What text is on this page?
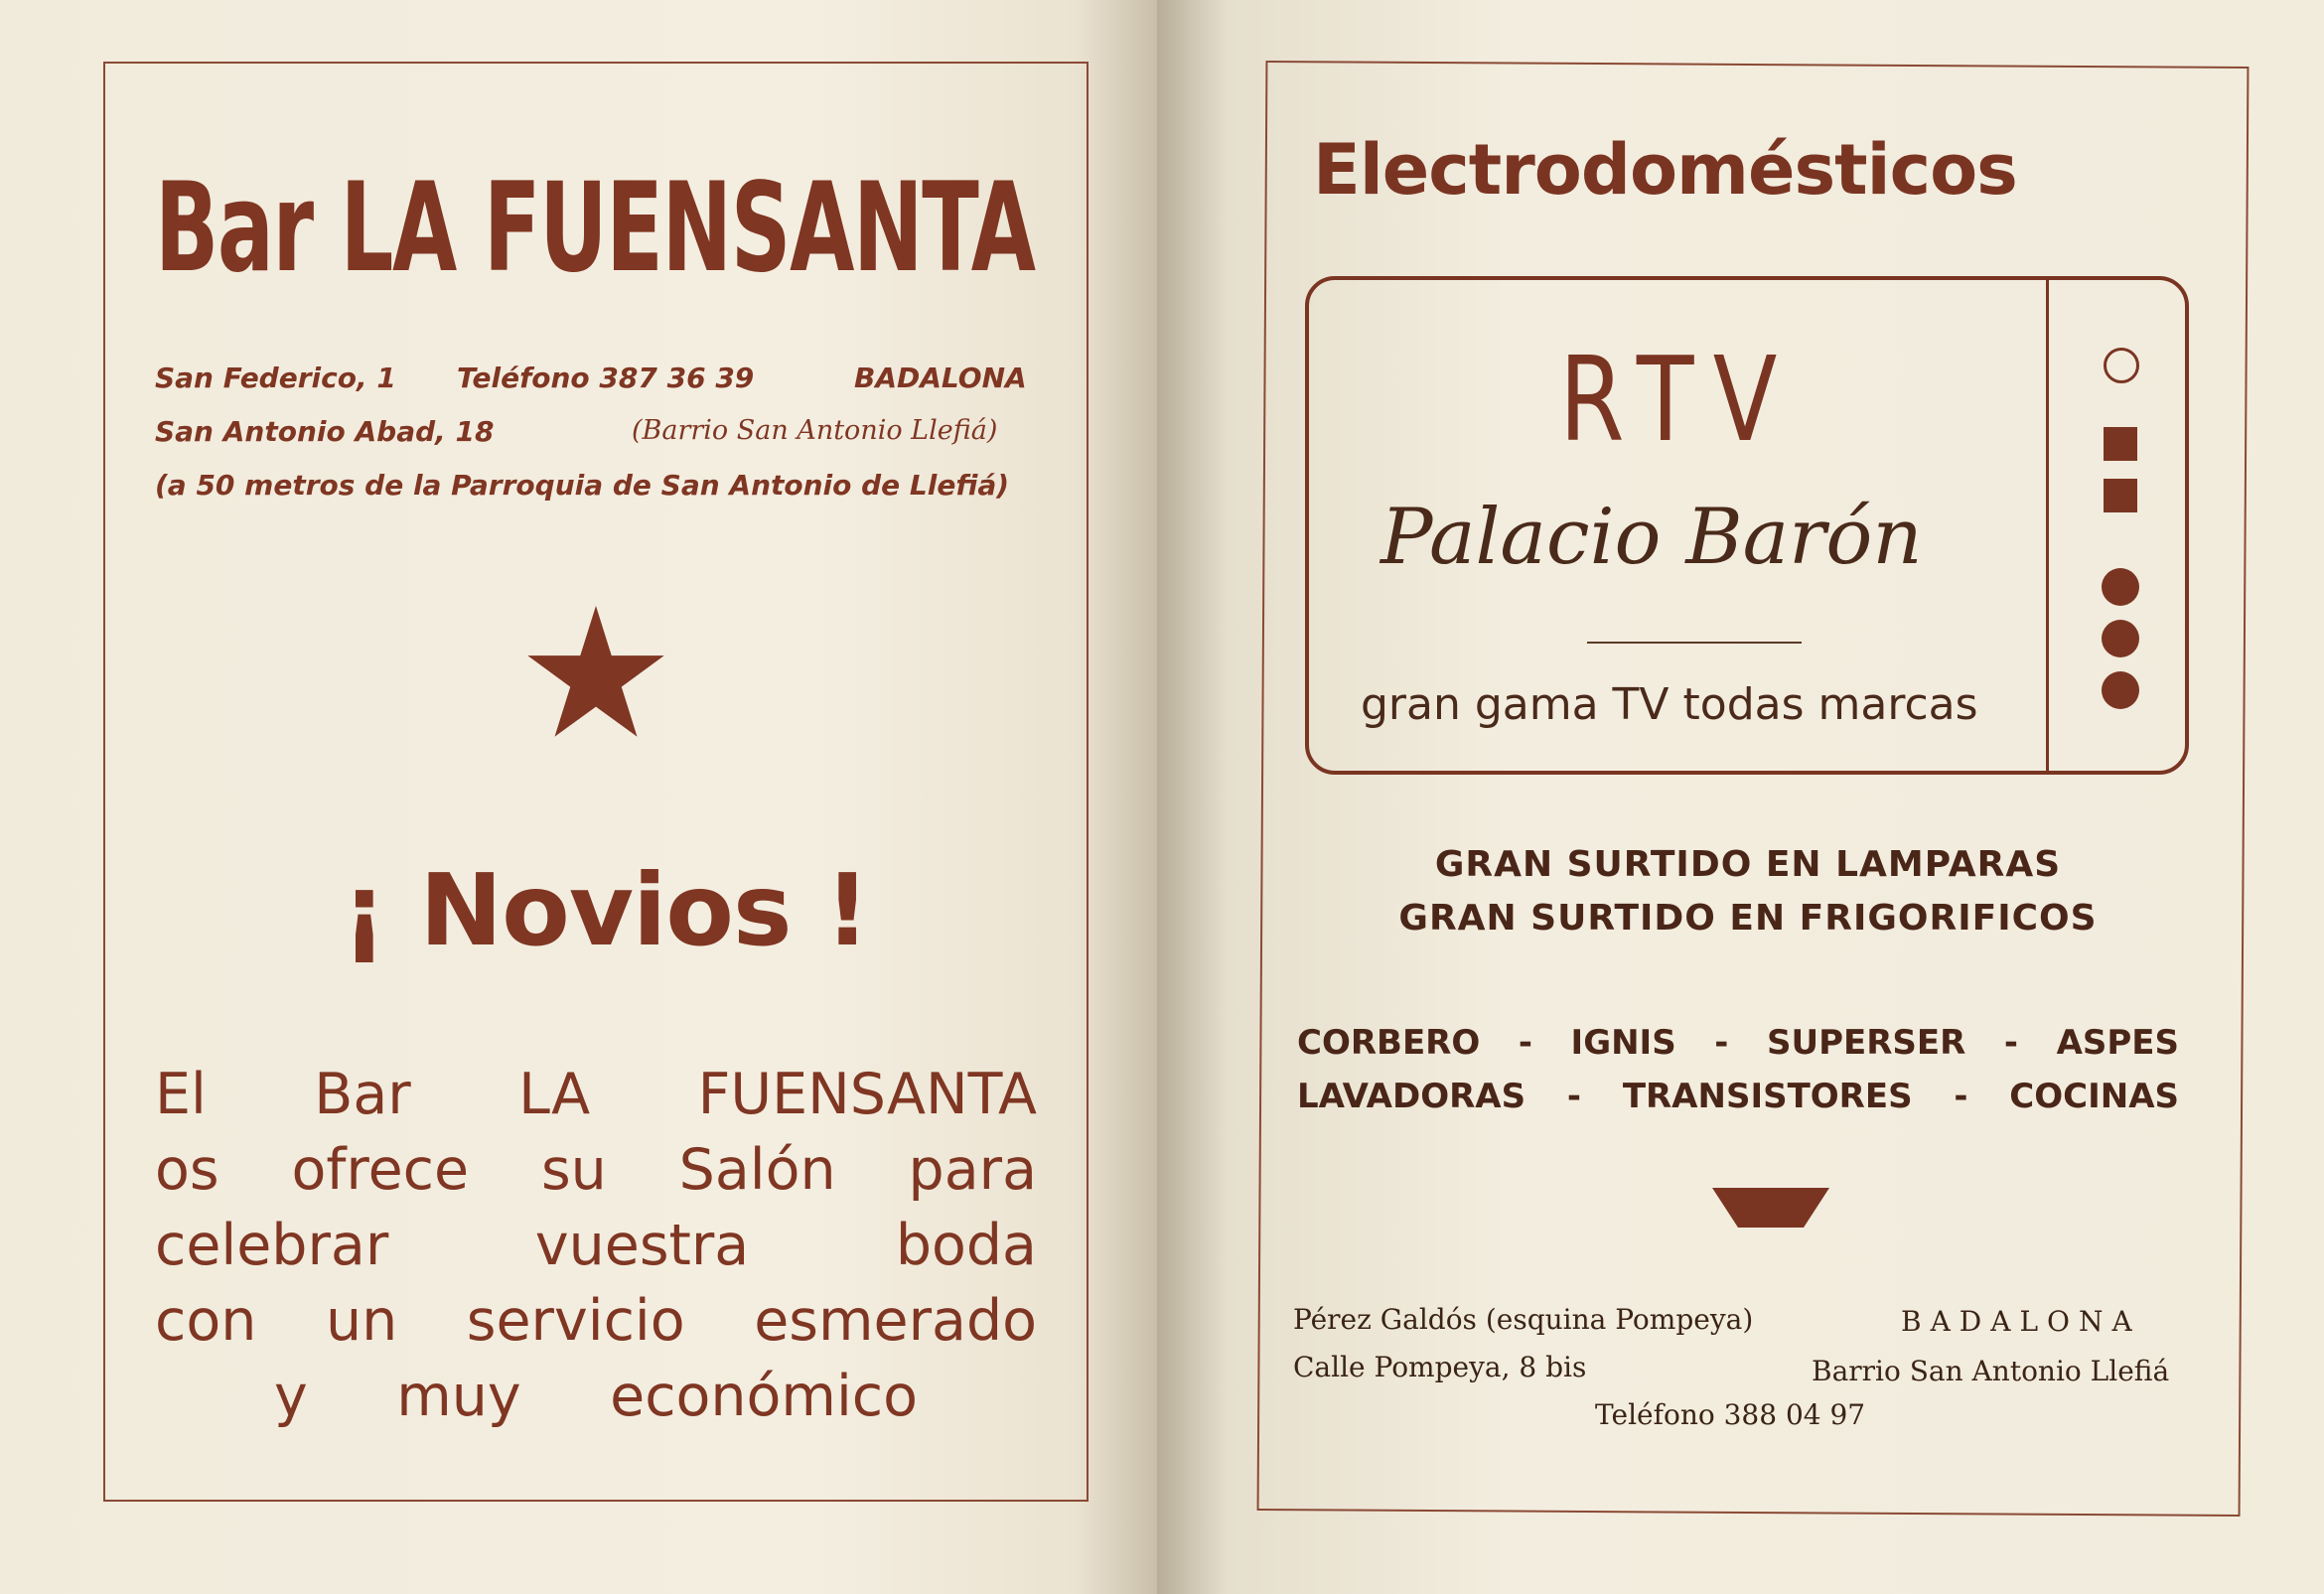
Bar LA FUENSANTA
San Federico, 1 Teléfono 387 36 39	BADALONA
San Antonio Abad, 18	(Barrio San Antonio Llefiá)
(a 50 metros de la Parroquia de San Antonio de Llefiá)
¡ Novios !
El Bar LA FUENSANTA
os ofrece su Salón para
celebrar vuestra boda
con un servicio esmerado
y muy económico
Electrodomésticos
RTV
Palacio Barón
gran gama TV todas marcas
GRAN SURTIDO EN LAMPARAS
GRAN SURTIDO EN FRIGORIFICOS
CORBERO - IGNIS - SUPERSER - ASPES
LAVADORAS - TRANSISTORES - COCINAS
Pérez Galdós (esquina Pompeya)
Calle Pompeya, 8 bis
BADALONA
Barrio San Antonio Llefiá
Teléfono 388 04 97
